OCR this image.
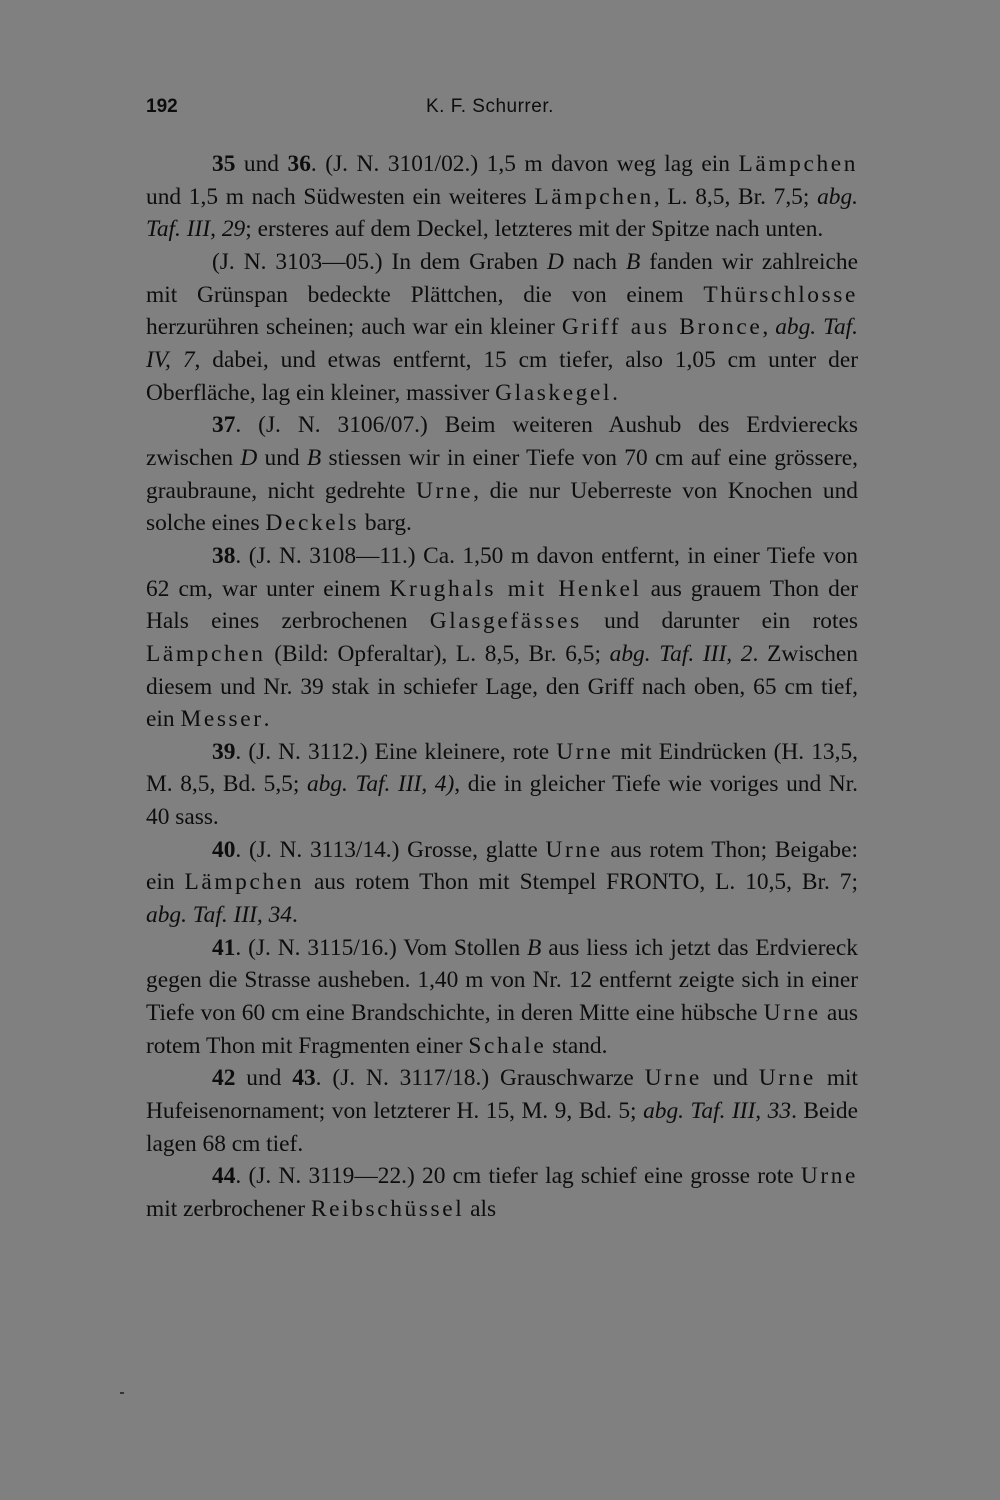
192	K. F. Schurrer.

35 und 36. (J. N. 3101/02.) 1,5 m davon weg lag ein Lämpchen und 1,5 m nach Südwesten ein weiteres Lämpchen, L. 8,5, Br. 7,5; abg. Taf. III, 29; ersteres auf dem Deckel, letzteres mit der Spitze nach unten.

(J. N. 3103—05.) In dem Graben D nach B fanden wir zahlreiche mit Grünspan bedeckte Plättchen, die von einem Thürschlosse herzurühren scheinen; auch war ein kleiner Griff aus Bronce, abg. Taf. IV, 7, dabei, und etwas entfernt, 15 cm tiefer, also 1,05 cm unter der Oberfläche, lag ein kleiner, massiver Glaskegel.

37. (J. N. 3106/07.) Beim weiteren Aushub des Erdvierecks zwischen D und B stiessen wir in einer Tiefe von 70 cm auf eine grössere, graubraune, nicht gedrehte Urne, die nur Ueberreste von Knochen und solche eines Deckels barg.

38. (J. N. 3108—11.) Ca. 1,50 m davon entfernt, in einer Tiefe von 62 cm, war unter einem Krughals mit Henkel aus grauem Thon der Hals eines zerbrochenen Glasgefässes und darunter ein rotes Lämpchen (Bild: Opferaltar), L. 8,5, Br. 6,5; abg. Taf. III, 2. Zwischen diesem und Nr. 39 stak in schiefer Lage, den Griff nach oben, 65 cm tief, ein Messer.

39. (J. N. 3112.) Eine kleinere, rote Urne mit Eindrücken (H. 13,5, M. 8,5, Bd. 5,5; abg. Taf. III, 4), die in gleicher Tiefe wie voriges und Nr. 40 sass.

40. (J. N. 3113/14.) Grosse, glatte Urne aus rotem Thon; Beigabe: ein Lämpchen aus rotem Thon mit Stempel FRONTO, L. 10,5, Br. 7; abg. Taf. III, 34.

41. (J. N. 3115/16.) Vom Stollen B aus liess ich jetzt das Erdviereck gegen die Strasse ausheben. 1,40 m von Nr. 12 entfernt zeigte sich in einer Tiefe von 60 cm eine Brandschichte, in deren Mitte eine hübsche Urne aus rotem Thon mit Fragmenten einer Schale stand.

42 und 43. (J. N. 3117/18.) Grauschwarze Urne und Urne mit Hufeisenornament; von letzterer H. 15, M. 9, Bd. 5; abg. Taf. III, 33. Beide lagen 68 cm tief.

44. (J. N. 3119—22.) 20 cm tiefer lag schief eine grosse rote Urne mit zerbrochener Reibschüssel als
